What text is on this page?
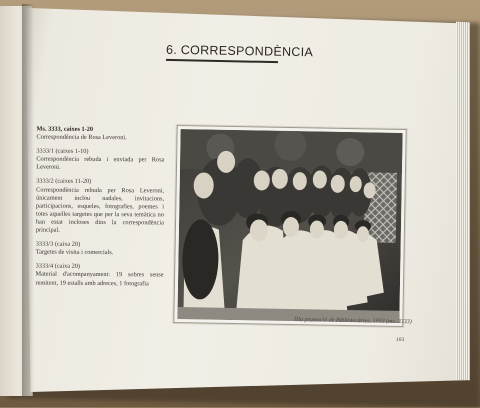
6. CORRESPONDÈNCIA
Ms. 3333, caixes 1-20
Correspondència de Rosa Leveroni.
3333/1 (caixes 1-10)
Correspondència rebuda i enviada per Rosa Leveroni.
3333/2 (caixes 11-20)
Correspondència rebuda per Rosa Leveroni, únicament inclou nadales, invitacions, participacions, esqueles, fotografies, poemes i totes aquelles targetes que per la seva temàtica no han estat incloses dins la correspondència principal.
3333/3 (caixa 20)
Targetes de visita i comercials.
3333/4 (caixa 20)
Material d'acompanyament: 19 sobres sense remitent, 19 estalls amb adreces, 1 fotografia
IIIa promoció de Bibliotecàries. 1933 (ms. 3333)
103
